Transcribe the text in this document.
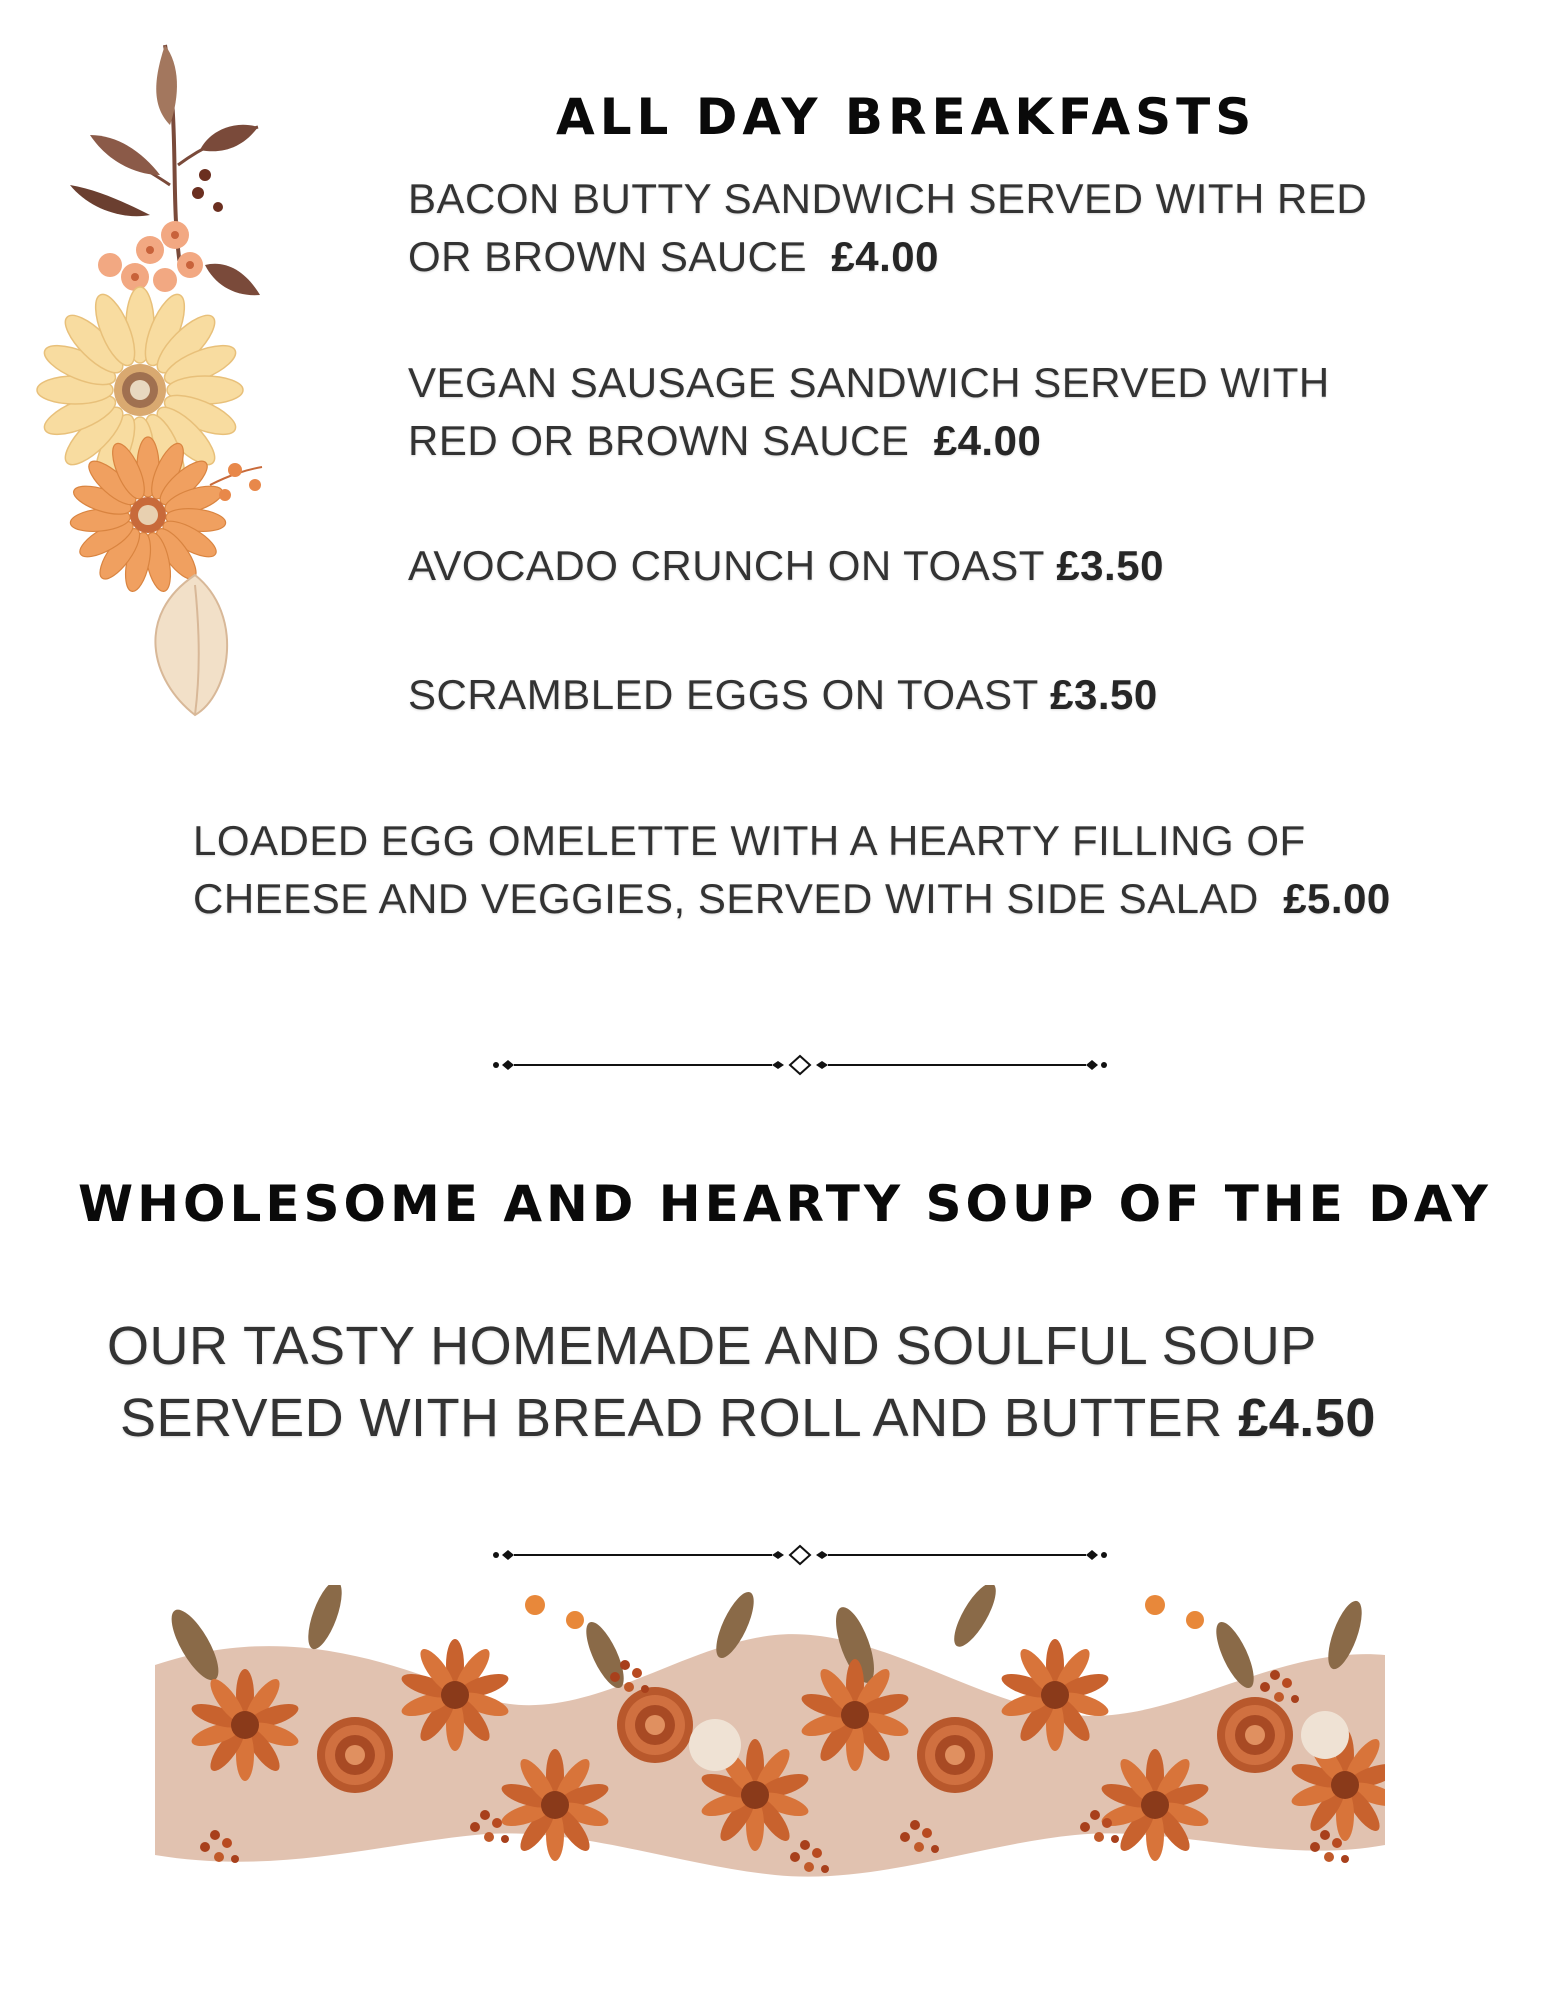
ALL DAY BREAKFASTS
BACON BUTTY SANDWICH SERVED WITH RED
OR BROWN SAUCE £4.00
VEGAN SAUSAGE SANDWICH SERVED WITH
RED OR BROWN SAUCE £4.00
AVOCADO CRUNCH ON TOAST £3.50
SCRAMBLED EGGS ON TOAST £3.50
LOADED EGG OMELETTE WITH A HEARTY FILLING OF
CHEESE AND VEGGIES, SERVED WITH SIDE SALAD £5.00
WHOLESOME AND HEARTY SOUP OF THE DAY
OUR TASTY HOMEMADE AND SOULFUL SOUP
SERVED WITH BREAD ROLL AND BUTTER £4.50
